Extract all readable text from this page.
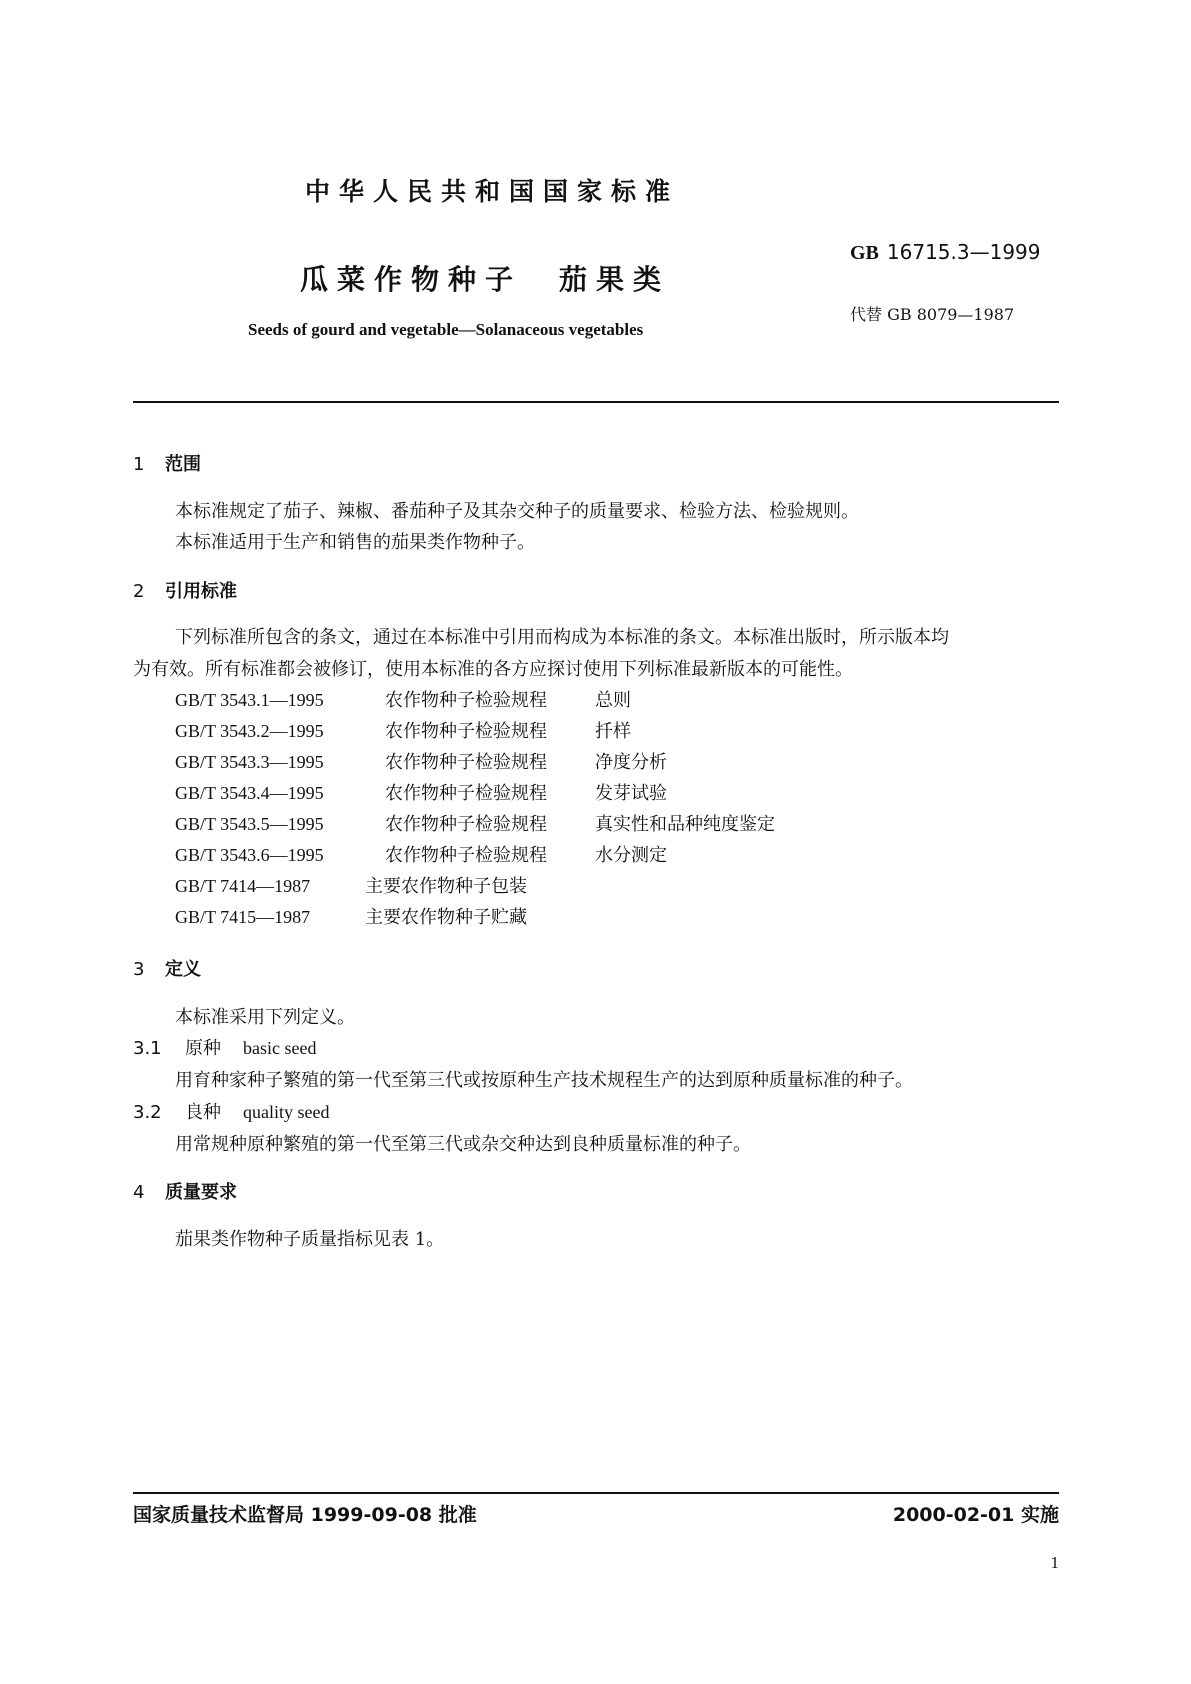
中华人民共和国国家标准
GB 16715.3—1999
瓜菜作物种子　茄果类
代替 GB 8079—1987
Seeds of gourd and vegetable—Solanaceous vegetables
1 范围
本标准规定了茄子、辣椒、番茄种子及其杂交种子的质量要求、检验方法、检验规则。
本标准适用于生产和销售的茄果类作物种子。
2 引用标准
下列标准所包含的条文，通过在本标准中引用而构成为本标准的条文。本标准出版时，所示版本均
为有效。所有标准都会被修订，使用本标准的各方应探讨使用下列标准最新版本的可能性。
GB/T 3543.1—1995	农作物种子检验规程	总则
GB/T 3543.2—1995	农作物种子检验规程	扦样
GB/T 3543.3—1995	农作物种子检验规程	净度分析
GB/T 3543.4—1995	农作物种子检验规程	发芽试验
GB/T 3543.5—1995	农作物种子检验规程	真实性和品种纯度鉴定
GB/T 3543.6—1995	农作物种子检验规程	水分测定
GB/T 7414—1987	主要农作物种子包装
GB/T 7415—1987	主要农作物种子贮藏
3 定义
本标准采用下列定义。
3.1 原种 basic seed
用育种家种子繁殖的第一代至第三代或按原种生产技术规程生产的达到原种质量标准的种子。
3.2 良种 quality seed
用常规种原种繁殖的第一代至第三代或杂交种达到良种质量标准的种子。
4 质量要求
茄果类作物种子质量指标见表 1。
国家质量技术监督局 1999-09-08 批准	2000-02-01 实施
1
